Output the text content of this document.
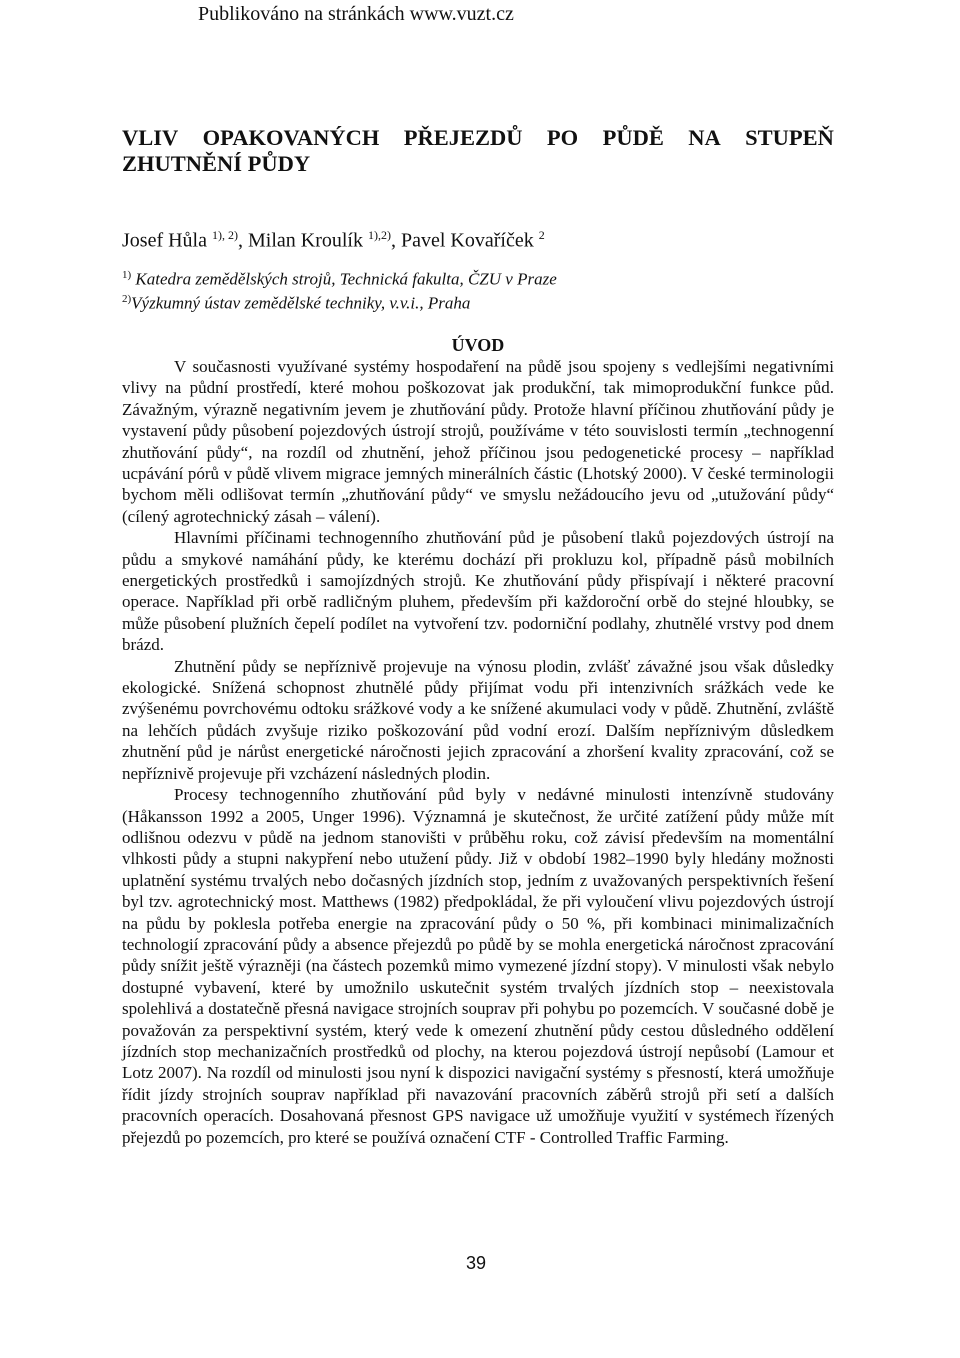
Publikováno na stránkách www.vuzt.cz
VLIV OPAKOVANÝCH PŘEJEZDŮ PO PŮDĚ NA STUPEŇ
ZHUTNĚNÍ PŮDY
Josef Hůla $^{1), 2)}$, Milan Kroulík $^{1),2)}$, Pavel Kovaříček $^2$
$^{1)}$ Katedra zemědělských strojů, Technická fakulta, ČZU v Praze
$^{2)}$Výzkumný ústav zemědělské techniky, v.v.i., Praha
ÚVOD

V současnosti využívané systémy hospodaření na půdě jsou spojeny s vedlejšími negativními vlivy na půdní prostředí, které mohou poškozovat jak produkční, tak mimoprodukční funkce půd. Závažným, výrazně negativním jevem je zhutňování půdy. Protože hlavní příčinou zhutňování půdy je vystavení půdy působení pojezdových ústrojí strojů, používáme v této souvislosti termín „technogenní zhutňování půdy“, na rozdíl od zhutnění, jehož příčinou jsou pedogenetické procesy – například ucpávání pórů v půdě vlivem migrace jemných minerálních částic (Lhotský 2000). V české terminologii bychom měli odlišovat termín „zhutňování půdy“ ve smyslu nežádoucího jevu od „utužování půdy“ (cílený agrotechnický zásah – válení).

Hlavními příčinami technogenního zhutňování půd je působení tlaků pojezdových ústrojí na půdu a smykové namáhání půdy, ke kterému dochází při prokluzu kol, případně pásů mobilních energetických prostředků i samojízdných strojů. Ke zhutňování půdy přispívají i některé pracovní operace. Například při orbě radličným pluhem, především při každoroční orbě do stejné hloubky, se může působení plužních čepelí podílet na vytvoření tzv. podorniční podlahy, zhutnělé vrstvy pod dnem brázd.

Zhutnění půdy se nepříznivě projevuje na výnosu plodin, zvlášť závažné jsou však důsledky ekologické. Snížená schopnost zhutnělé půdy přijímat vodu při intenzivních srážkách vede ke zvýšenému povrchovému odtoku srážkové vody a ke snížené akumulaci vody v půdě. Zhutnění, zvláště na lehčích půdách zvyšuje riziko poškozování půd vodní erozí. Dalším nepříznivým důsledkem zhutnění půd je nárůst energetické náročnosti jejich zpracování a zhoršení kvality zpracování, což se nepříznivě projevuje při vzcházení následných plodin.

Procesy technogenního zhutňování půd byly v nedávné minulosti intenzívně studovány (Håkansson 1992 a 2005, Unger 1996). Významná je skutečnost, že určité zatížení půdy může mít odlišnou odezvu v půdě na jednom stanovišti v průběhu roku, což závisí především na momentální vlhkosti půdy a stupni nakypření nebo utužení půdy. Již v období 1982–1990 byly hledány možnosti uplatnění systému trvalých nebo dočasných jízdních stop, jedním z uvažovaných perspektivních řešení byl tzv. agrotechnický most. Matthews (1982) předpokládal, že při vyloučení vlivu pojezdových ústrojí na půdu by poklesla potřeba energie na zpracování půdy o 50 %, při kombinaci minimalizačních technologií zpracování půdy a absence přejezdů po půdě by se mohla energetická náročnost zpracování půdy snížit ještě výrazněji (na částech pozemků mimo vymezené jízdní stopy). V minulosti však nebylo dostupné vybavení, které by umožnilo uskutečnit systém trvalých jízdních stop – neexistovala spolehlivá a dostatečně přesná navigace strojních souprav při pohybu po pozemcích. V současné době je považován za perspektivní systém, který vede k omezení zhutnění půdy cestou důsledného oddělení jízdních stop mechanizačních prostředků od plochy, na kterou pojezdová ústrojí nepůsobí (Lamour et Lotz 2007). Na rozdíl od minulosti jsou nyní k dispozici navigační systémy s přesností, která umožňuje řídit jízdy strojních souprav například při navazování pracovních záběrů strojů při setí a dalších pracovních operacích. Dosahovaná přesnost GPS navigace už umožňuje využití v systémech řízených přejezdů po pozemcích, pro které se používá označení CTF - Controlled Traffic Farming.

39
